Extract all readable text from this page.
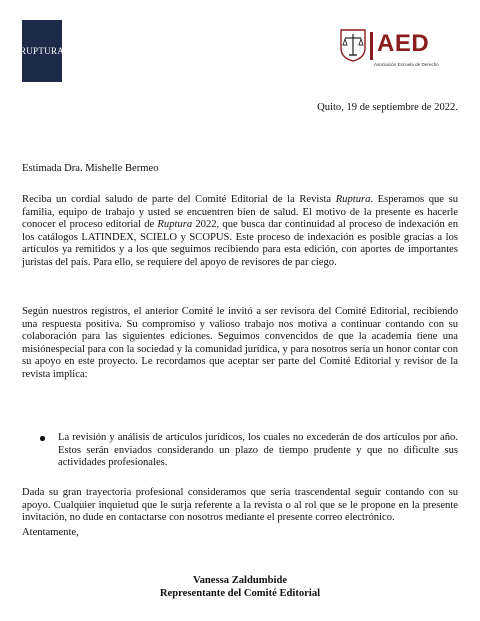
RUPTURA	AED
Asociación Escuela de Derecho
Quito, 19 de septiembre de 2022.
Estimada Dra. Mishelle Bermeo
Reciba un cordial saludo de parte del Comité Editorial de la Revista Ruptura. Esperamos que su familia, equipo de trabajo y usted se encuentren bien de salud. El motivo de la presente es hacerle conocer el proceso editorial de Ruptura 2022, que busca dar continuidad al proceso de indexación en los catálogos LATINDEX, SCIELO y SCOPUS. Este proceso de indexación es posible gracias a los artículos ya remitidos y a los que seguimos recibiendo para esta edición, con aportes de importantes juristas del país. Para ello, se requiere del apoyo de revisores de par ciego.
Según nuestros registros, el anterior Comité le invitó a ser revisora del Comité Editorial, recibiendo una respuesta positiva. Su compromiso y valioso trabajo nos motiva a continuar contando con su colaboración para las siguientes ediciones. Seguimos convencidos de que la academia tiene una misiónespecial para con la sociedad y la comunidad jurídica, y para nosotros sería un honor contar con su apoyo en este proyecto. Le recordamos que aceptar ser parte del Comité Editorial y revisor de la revista implica:
La revisión y análisis de artículos jurídicos, los cuales no excederán de dos artículos por año. Estos serán enviados considerando un plazo de tiempo prudente y que no dificulte sus actividades profesionales.
Dada su gran trayectoria profesional consideramos que sería trascendental seguir contando con su apoyo. Cualquier inquietud que le surja referente a la revista o al rol que se le propone en la presente invitación, no dude en contactarse con nosotros mediante el presente correo electrónico.
Atentamente,
Vanessa Zaldumbide
Representante del Comité Editorial
